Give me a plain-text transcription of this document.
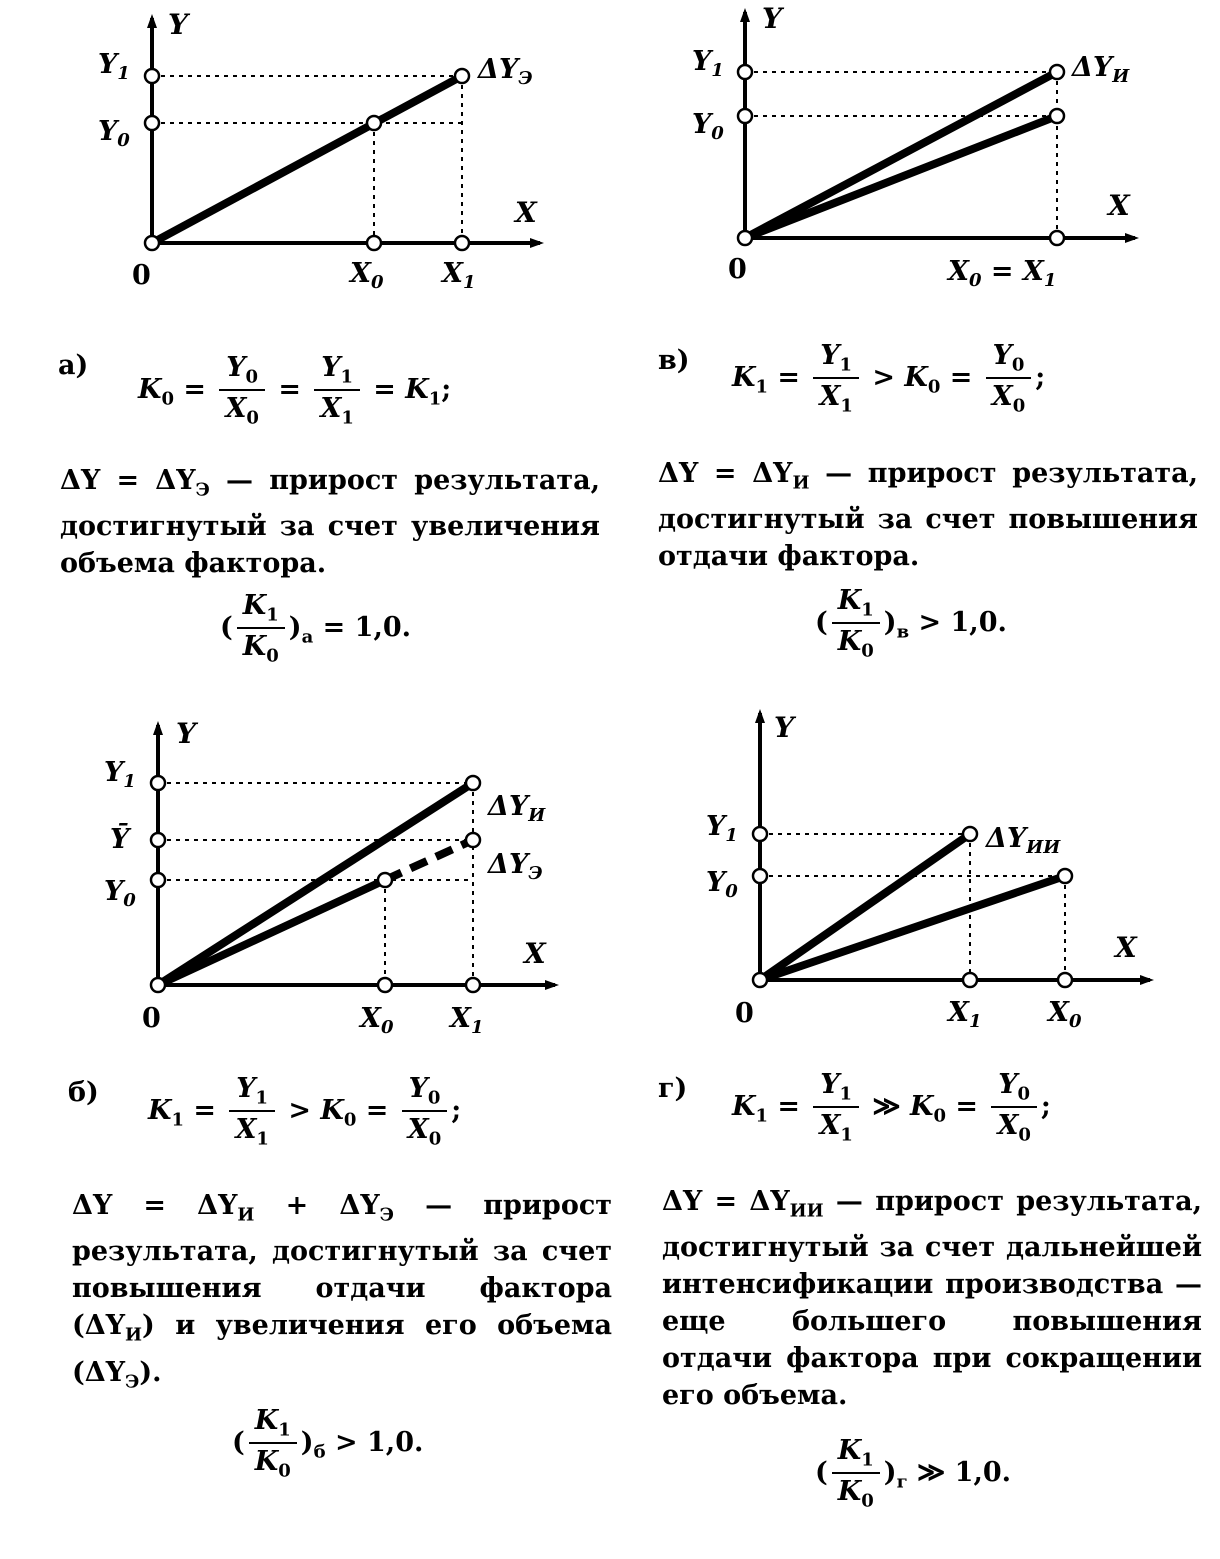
Y
X
0
$Y_1$
$Y_0$
$X_0$ $X_1$
$\Delta Y_Э$
а)
$K_0 = \frac{Y_0}{X_0} = \frac{Y_1}{X_1} = K_1$;
$\Delta Y = \Delta Y_Э$ — прирост результата, достигнутый за счет увеличения объема фактора.
( $\frac{K_1}{K_0} )_а = 1,0$.
Y
X
0
$Y_1$
$Y_0$
$X_0 = X_1$
$\Delta Y_И$
в)
$K_1 = \frac{Y_1}{X_1} > K_0 = \frac{Y_0}{X_0}$ ;
$\Delta Y = \Delta Y_И$ — прирост результата, достигнутый за счет повышения отдачи фактора.
( $\frac{K_1}{K_0} )_в > 1,0$.
Y
X
0
$Y_1$
Ȳ
$Y_0$
$X_0$ $X_1$
$\Delta Y_И$
$\Delta Y_Э$
б)
$K_1 = \frac{Y_1}{X_1} > K_0 = \frac{Y_0}{X_0}$ ;
$\Delta Y = \Delta Y_И + \Delta Y_Э$ — прирост результата, достигнутый за счет повышения отдачи фактора $(\Delta Y_И)$ и увеличения его объема $(\Delta Y_Э)$.
( $\frac{K_1}{K_0} )_б > 1,0$.
Y
X
0
$Y_1$
$Y_0$
$X_1$ $X_0$
$\Delta Y_{ИИ}$
г)
$K_1 = \frac{Y_1}{X_1}$ ≫ $K_0 = \frac{Y_0}{X_0}$ ;
$\Delta Y = \Delta Y_{ИИ}$ — прирост результата, достигнутый за счет дальнейшей интенсификации производства — еще большего повышения отдачи фактора при сокращении его объема.
( $\frac{K_1}{K_0} )_г$ ≫ 1,0.
